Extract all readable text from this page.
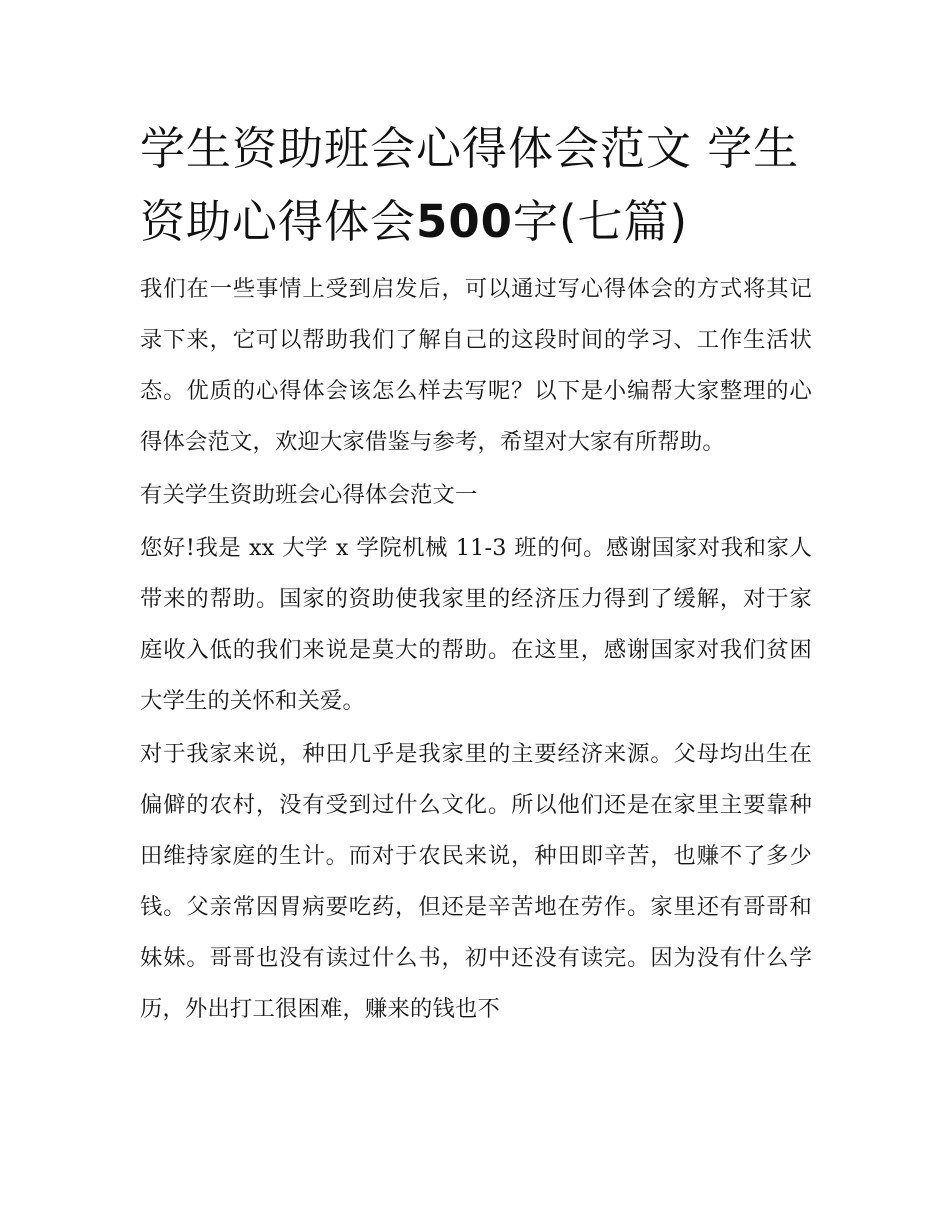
学生资助班会心得体会范文 学生资助心得体会500字(七篇)

我们在一些事情上受到启发后，可以通过写心得体会的方式将其记录下来，它可以帮助我们了解自己的这段时间的学习、工作生活状态。优质的心得体会该怎么样去写呢？以下是小编帮大家整理的心得体会范文，欢迎大家借鉴与参考，希望对大家有所帮助。

有关学生资助班会心得体会范文一

您好!我是 xx 大学 x 学院机械 11-3 班的何。感谢国家对我和家人带来的帮助。国家的资助使我家里的经济压力得到了缓解，对于家庭收入低的我们来说是莫大的帮助。在这里，感谢国家对我们贫困大学生的关怀和关爱。

对于我家来说，种田几乎是我家里的主要经济来源。父母均出生在偏僻的农村，没有受到过什么文化。所以他们还是在家里主要靠种田维持家庭的生计。而对于农民来说，种田即辛苦，也赚不了多少钱。父亲常因胃病要吃药，但还是辛苦地在劳作。家里还有哥哥和妹妹。哥哥也没有读过什么书，初中还没有读完。因为没有什么学历，外出打工很困难，赚来的钱也不
